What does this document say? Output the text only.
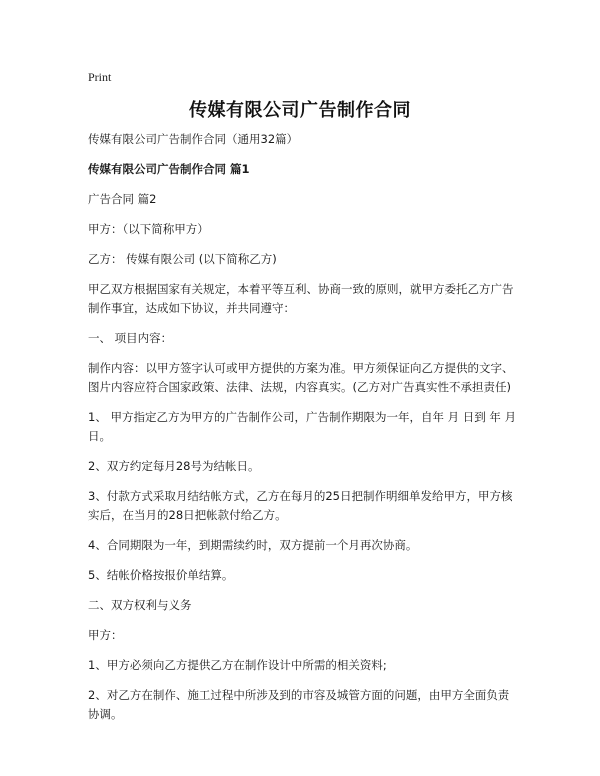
Print
传媒有限公司广告制作合同

传媒有限公司广告制作合同（通用32篇）

传媒有限公司广告制作合同 篇1

广告合同 篇2

甲方：（以下简称甲方）

乙方： 传媒有限公司 (以下简称乙方)

甲乙双方根据国家有关规定，本着平等互利、协商一致的原则，就甲方委托乙方广告制作事宜，达成如下协议，并共同遵守：

一、 项目内容：

制作内容：以甲方签字认可或甲方提供的方案为准。甲方须保证向乙方提供的文字、图片内容应符合国家政策、法律、法规，内容真实。(乙方对广告真实性不承担责任)

1、 甲方指定乙方为甲方的广告制作公司，广告制作期限为一年，自年 月 日到 年 月 日。

2、双方约定每月28号为结帐日。

3、付款方式采取月结结帐方式，乙方在每月的25日把制作明细单发给甲方，甲方核实后，在当月的28日把帐款付给乙方。

4、合同期限为一年，到期需续约时，双方提前一个月再次协商。

5、结帐价格按报价单结算。

二、双方权利与义务

甲方：

1、甲方必须向乙方提供乙方在制作设计中所需的相关资料;

2、对乙方在制作、施工过程中所涉及到的市容及城管方面的问题，由甲方全面负责协调。
